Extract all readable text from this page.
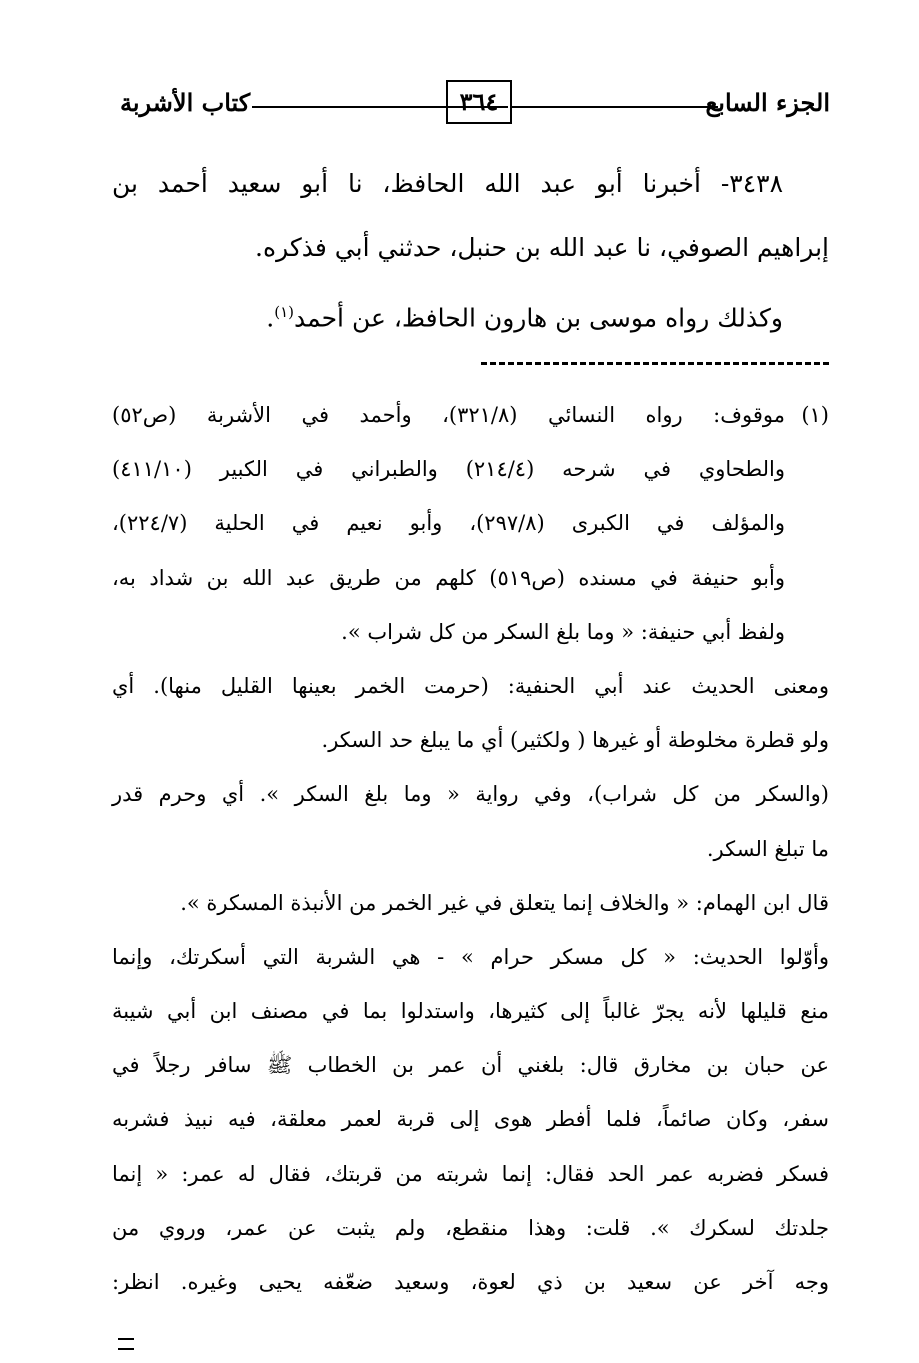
الجزء السابع
٣٦٤
كتاب الأشربة
٣٤٣٨- أخبرنا أبو عبد الله الحافظ، نا أبو سعيد أحمد بن
إبراهيم الصوفي، نا عبد الله بن حنبل، حدثني أبي فذكره.
وكذلك رواه موسى بن هارون الحافظ، عن أحمد$^{(١)}$.
(١)
موقوف: رواه النسائي (٣٢١/٨)، وأحمد في الأشربة (ص٥٢)
والطحاوي في شرحه (٢١٤/٤) والطبراني في الكبير (٤١١/١٠)
والمؤلف في الكبرى (٢٩٧/٨)، وأبو نعيم في الحلية (٢٢٤/٧)،
وأبو حنيفة في مسنده (ص٥١٩) كلهم من طريق عبد الله بن شداد به،
ولفظ أبي حنيفة: « وما بلغ السكر من كل شراب ».
ومعنى الحديث عند أبي الحنفية: (حرمت الخمر بعينها القليل منها). أي
ولو قطرة مخلوطة أو غيرها ( ولكثير) أي ما يبلغ حد السكر.
(والسكر من كل شراب)، وفي رواية « وما بلغ السكر ». أي وحرم قدر
ما تبلغ السكر.
قال ابن الهمام: « والخلاف إنما يتعلق في غير الخمر من الأنبذة المسكرة ».
وأوّلوا الحديث: « كل مسكر حرام » - هي الشربة التي أسكرتك، وإنما
منع قليلها لأنه يجرّ غالباً إلى كثيرها، واستدلوا بما في مصنف ابن أبي شيبة
عن حبان بن مخارق قال: بلغني أن عمر بن الخطاب ﷺ سافر رجلاً في
سفر، وكان صائماً، فلما أفطر هوى إلى قربة لعمر معلقة، فيه نبيذ فشربه
فسكر فضربه عمر الحد فقال: إنما شربته من قربتك، فقال له عمر: « إنما
جلدتك لسكرك ». قلت: وهذا منقطع، ولم يثبت عن عمر، وروي من
وجه آخر عن سعيد بن ذي لعوة، وسعيد ضعّفه يحيى وغيره. انظر:
